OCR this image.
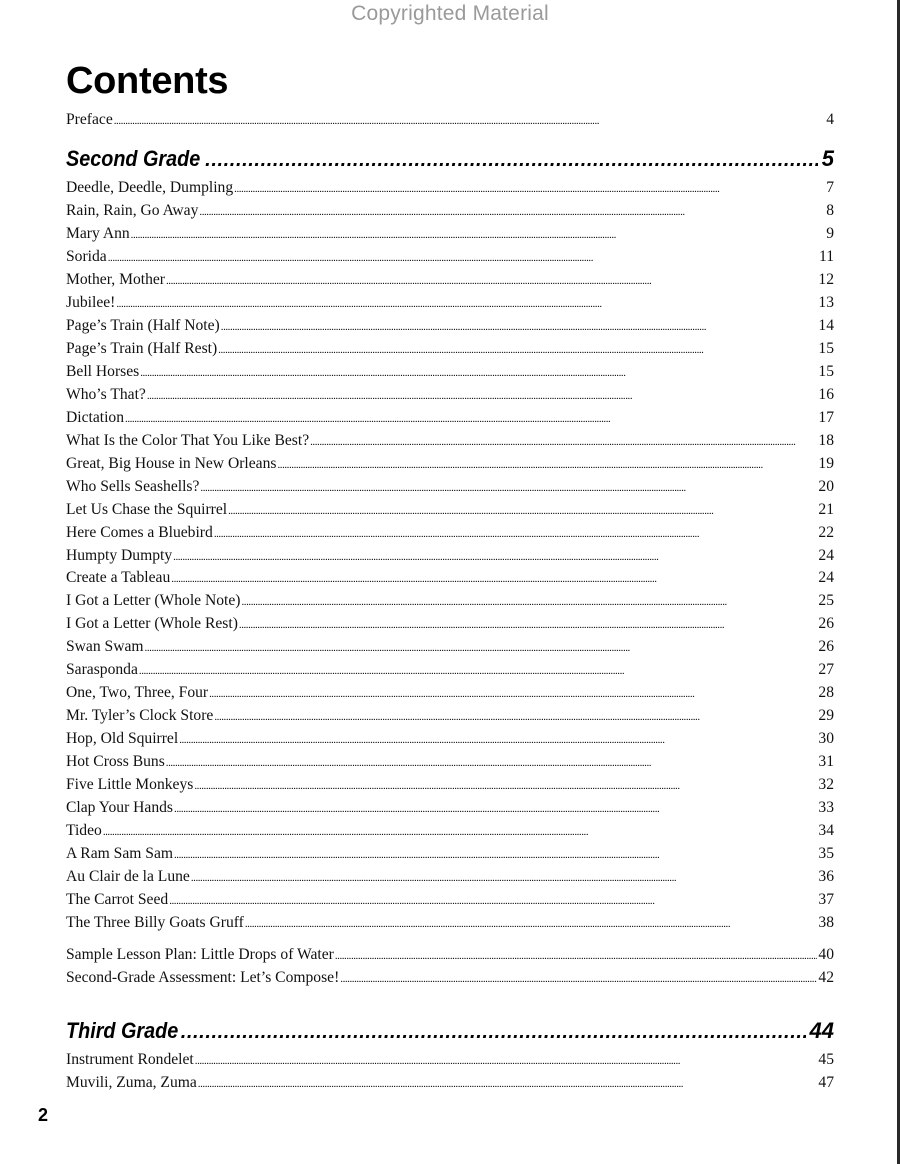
Copyrighted Material
Contents
Preface . . .	4
Second Grade .....	5
Deedle, Deedle, Dumpling . . .	7
Rain, Rain, Go Away . . .	8
Mary Ann . . .	9
Sorida . . .	11
Mother, Mother . . .	12
Jubilee! . . .	13
Page’s Train (Half Note) . . .	14
Page’s Train (Half Rest) . . .	15
Bell Horses . . .	15
Who’s That? . . .	16
Dictation . . .	17
What Is the Color That You Like Best? . . .	18
Great, Big House in New Orleans . . .	19
Who Sells Seashells? . . .	20
Let Us Chase the Squirrel . . .	21
Here Comes a Bluebird . . .	22
Humpty Dumpty . . .	24
Create a Tableau . . .	24
I Got a Letter (Whole Note) . . .	25
I Got a Letter (Whole Rest) . . .	26
Swan Swam . . .	26
Sarasponda . . .	27
One, Two, Three, Four . . .	28
Mr. Tyler’s Clock Store . . .	29
Hop, Old Squirrel . . .	30
Hot Cross Buns . . .	31
Five Little Monkeys . . .	32
Clap Your Hands . . .	33
Tideo . . .	34
A Ram Sam Sam . . .	35
Au Clair de la Lune . . .	36
The Carrot Seed . . .	37
The Three Billy Goats Gruff . . .	38
Sample Lesson Plan: Little Drops of Water . . .	40
Second-Grade Assessment: Let’s Compose! . . .	42
Third Grade .....	44
Instrument Rondelet . . .	45
Muvili, Zuma, Zuma . . .	47
2
